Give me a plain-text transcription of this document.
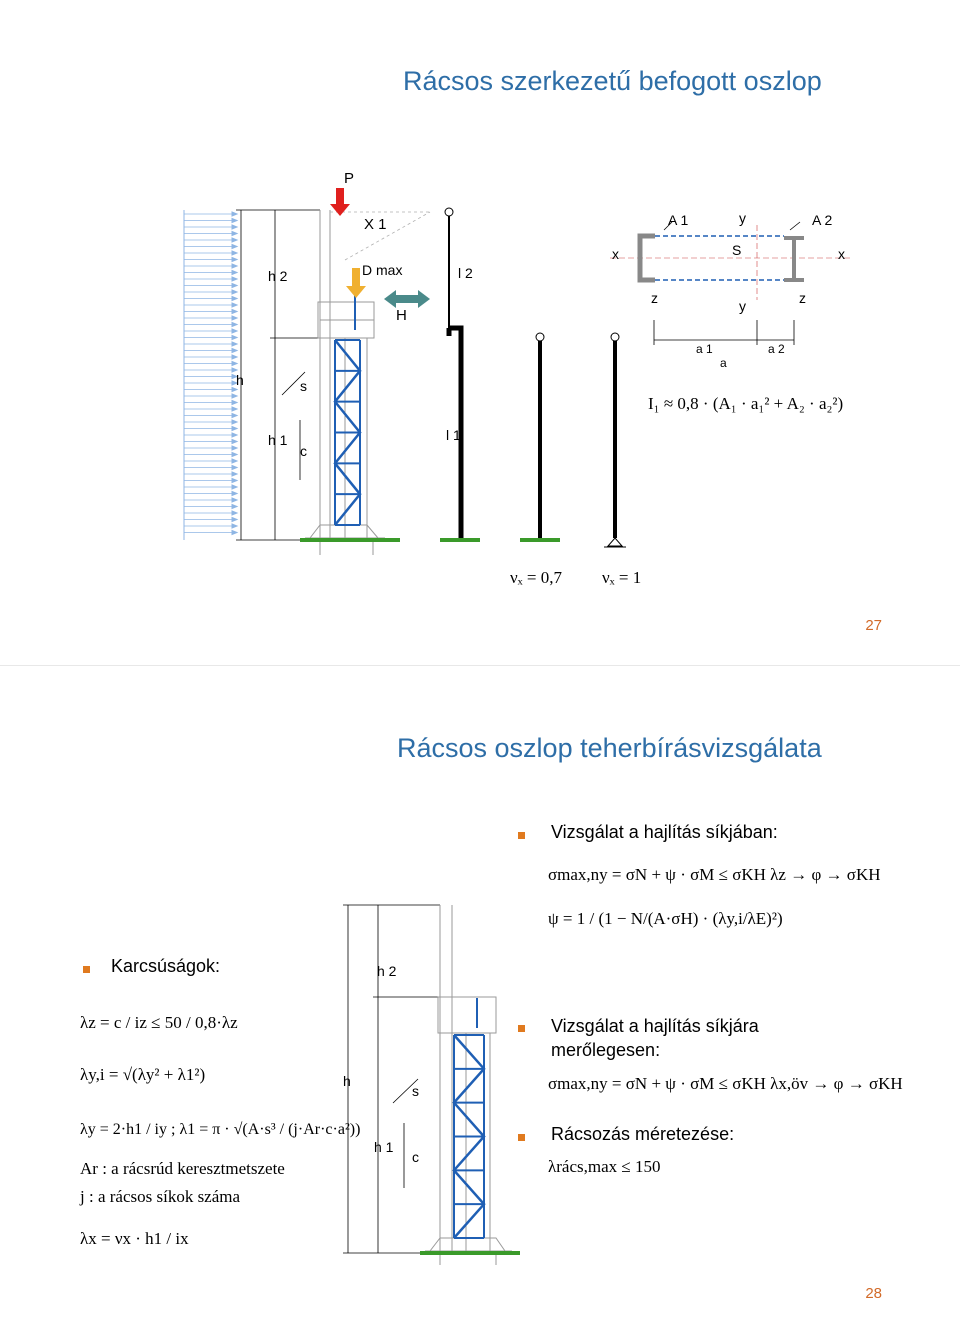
Rácsos szerkezetű befogott oszlop
P
X 1
D max
H
l 2
l 1
h
h 2
h 1
s
c
A 1	A 2
x	x
y
y
S
z	z
a 1
a
a 2
I₁ ≈ 0,8 · (A₁ · a₁² + A₂ · a₂²)
νₓ = 0,7 νₓ = 1
27
Rácsos oszlop teherbírásvizsgálata
Vizsgálat a hajlítás síkjában:
σmax,ny = σN + ψ · σM ≤ σKH λz → φ → σKH
ψ = 1 / (1 − N/(A·σH) · (λy,i/λE)²)
Karcsúságok:
Vizsgálat a hajlítás síkjára
merőlegesen:
σmax,ny = σN + ψ · σM ≤ σKH λx,öv → φ → σKH
Rácsozás méretezése:
λrács,max ≤ 150
λz = c / iz ≤ 50 / 0,8·λz
λy,i = √(λy² + λ1²)
λy = 2·h1 / iy ; λ1 = π · √(A·s³ / (j·Ar·c·a²))
Ar : a rácsrúd keresztmetszete
j : a rácsos síkok száma
λx = νx · h1 / ix
h 2
h
h 1
s
c
28
